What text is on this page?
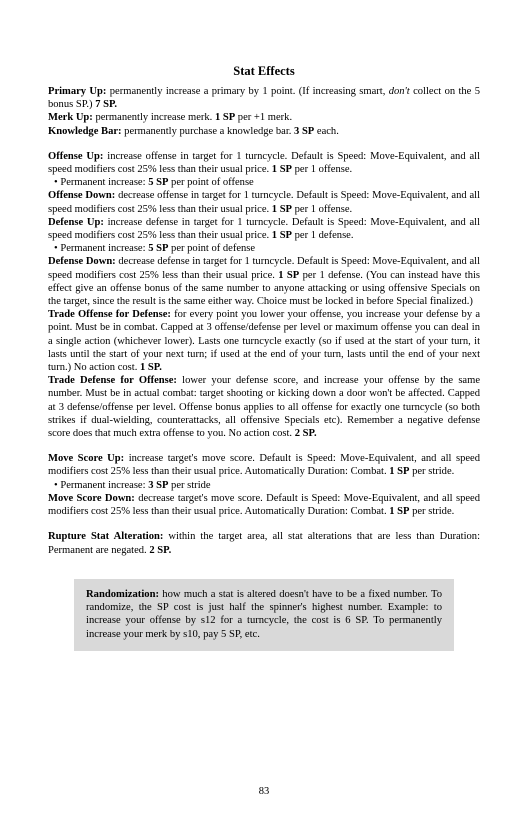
Stat Effects

Primary Up: permanently increase a primary by 1 point. (If increasing smart, don't collect on the 5 bonus SP.) 7 SP.

Merk Up: permanently increase merk. 1 SP per +1 merk.

Knowledge Bar: permanently purchase a knowledge bar. 3 SP each.

Offense Up: increase offense in target for 1 turncycle. Default is Speed: Move-Equivalent, and all speed modifiers cost 25% less than their usual price. 1 SP per 1 offense.

• Permanent increase: 5 SP per point of offense

Offense Down: decrease offense in target for 1 turncycle. Default is Speed: Move-Equivalent, and all speed modifiers cost 25% less than their usual price. 1 SP per 1 offense.

Defense Up: increase defense in target for 1 turncycle. Default is Speed: Move-Equivalent, and all speed modifiers cost 25% less than their usual price. 1 SP per 1 defense.

• Permanent increase: 5 SP per point of defense

Defense Down: decrease defense in target for 1 turncycle. Default is Speed: Move-Equivalent, and all speed modifiers cost 25% less than their usual price. 1 SP per 1 defense. (You can instead have this effect give an offense bonus of the same number to anyone attacking or using offensive Specials on the target, since the result is the same either way. Choice must be locked in before Special finalized.)

Trade Offense for Defense: for every point you lower your offense, you increase your defense by a point. Must be in combat. Capped at 3 offense/defense per level or maximum offense you can deal in a single action (whichever lower). Lasts one turncycle exactly (so if used at the start of your turn, it lasts until the start of your next turn; if used at the end of your turn, lasts until the end of your next turn.) No action cost. 1 SP.

Trade Defense for Offense: lower your defense score, and increase your offense by the same number. Must be in actual combat: target shooting or kicking down a door won't be affected. Capped at 3 defense/offense per level. Offense bonus applies to all offense for exactly one turncycle (so both strikes if dual-wielding, counterattacks, all offensive Specials etc). Remember a negative defense score does that much extra offense to you. No action cost. 2 SP.

Move Score Up: increase target's move score. Default is Speed: Move-Equivalent, and all speed modifiers cost 25% less than their usual price. Automatically Duration: Combat. 1 SP per stride.

• Permanent increase: 3 SP per stride

Move Score Down: decrease target's move score. Default is Speed: Move-Equivalent, and all speed modifiers cost 25% less than their usual price. Automatically Duration: Combat. 1 SP per stride.

Rupture Stat Alteration: within the target area, all stat alterations that are less than Duration: Permanent are negated. 2 SP.

Randomization: how much a stat is altered doesn't have to be a fixed number. To randomize, the SP cost is just half the spinner's highest number. Example: to increase your offense by s12 for a turncycle, the cost is 6 SP. To permanently increase your merk by s10, pay 5 SP, etc.

83
